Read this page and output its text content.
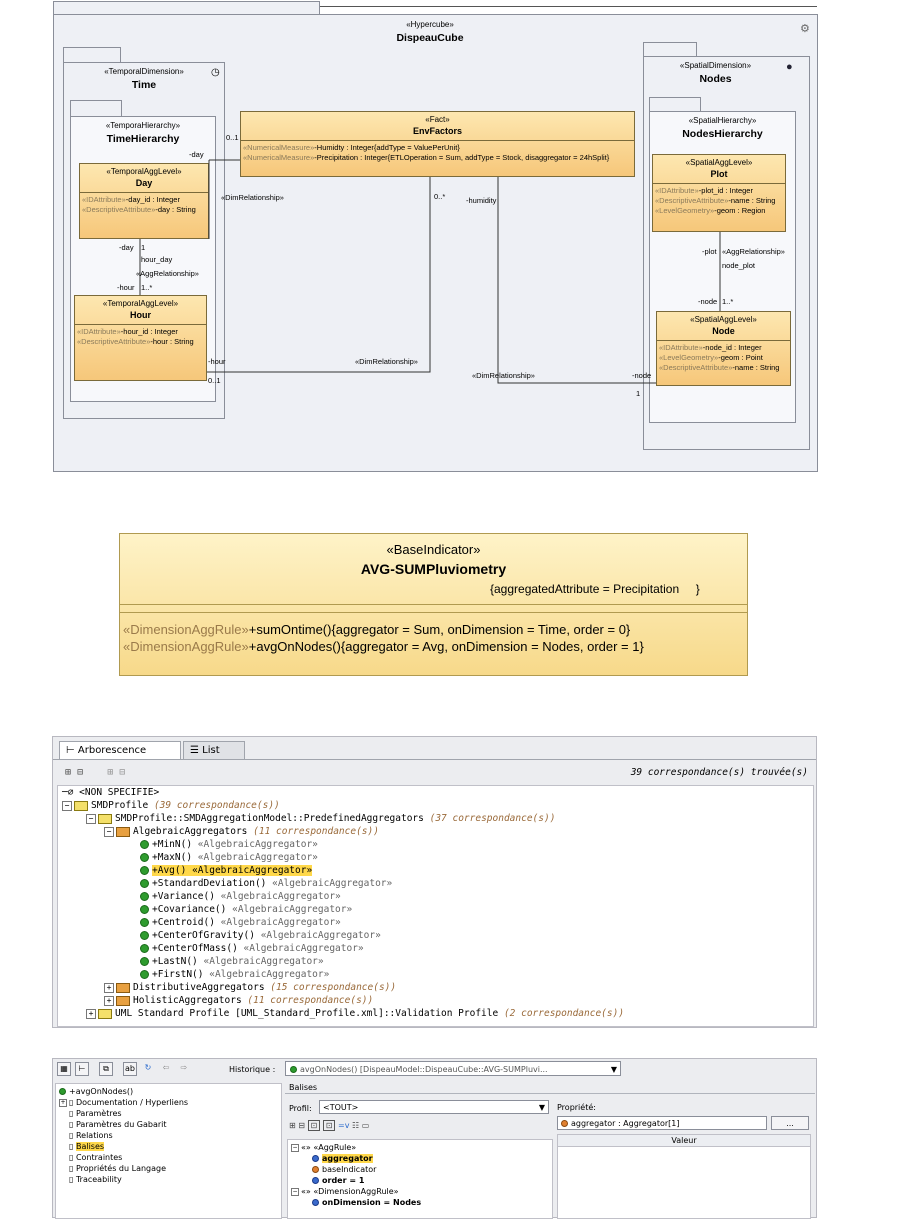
«Hypercube»
DispeauCube
⚙
«TemporalDimension»
Time
◷
«TemporaHierarchy»
TimeHierarchy
«TemporalAggLevel»
Day
«IDAttribute»-day_id : Integer
«DescriptiveAttribute»-day : String
«TemporalAggLevel»
Hour
«IDAttribute»-hour_id : Integer
«DescriptiveAttribute»-hour : String
«Fact»
EnvFactors
«NumericalMeasure»-Humidty : Integer{addType = ValuePerUnit}
«NumericalMeasure»-Precipitation : Integer{ETLOperation = Sum, addType = Stock, disaggregator = 24hSplit}
«SpatialDimension»
Nodes
●
«SpatialHierarchy»
NodesHierarchy
«SpatialAggLevel»
Plot
«IDAttribute»-plot_id : Integer
«DescriptiveAttribute»-name : String
«LevelGeometry»-geom : Region
«SpatialAggLevel»
Node
«IDAttribute»-node_id : Integer
«LevelGeometry»-geom : Point
«DescriptiveAttribute»-name : String
0..1
-day
«DimRelationship»	0..*	-humidity
-day 1
hour_day
«AggRelationship»
-hour 1..*
-hour	«DimRelationship»
0..1
«DimRelationship»	-node
1
-plot «AggRelationship»
node_plot
-node 1..*
«BaseIndicator»
AVG-SUMPluviometry
{aggregatedAttribute = Precipitation     }
«DimensionAggRule»+sumOntime(){aggregator = Sum, onDimension = Time, order = 0}
«DimensionAggRule»+avgOnNodes(){aggregator = Avg, onDimension = Nodes, order = 1}
⊢ Arborescence	☰ List
⊞ ⊟ ⊞ ⊟	39 correspondance(s) trouvée(s)
─⌀ <NON SPECIFIE>
− SMDProfile (39 correspondance(s))
− SMDProfile::SMDAggregationModel::PredefinedAggregators (37 correspondance(s))
− AlgebraicAggregators (11 correspondance(s))
+MinN() «AlgebraicAggregator»
+MaxN() «AlgebraicAggregator»
+Avg() «AlgebraicAggregator»
+StandardDeviation() «AlgebraicAggregator»
+Variance() «AlgebraicAggregator»
+Covariance() «AlgebraicAggregator»
+Centroid() «AlgebraicAggregator»
+CenterOfGravity() «AlgebraicAggregator»
+CenterOfMass() «AlgebraicAggregator»
+LastN() «AlgebraicAggregator»
+FirstN() «AlgebraicAggregator»
+ DistributiveAggregators (15 correspondance(s))
+ HolisticAggregators (11 correspondance(s))
+ UML Standard Profile [UML_Standard_Profile.xml]::Validation Profile (2 correspondance(s))
▦	⊢	⧉	ab	↻	⇦	⇨	Historique :	avgOnNodes() [DispeauModel::DispeauCube::AVG-SUMPluvi...	▼
+avgOnNodes()
+ ▯ Documentation / Hyperliens
▯ Paramètres
▯ Paramètres du Gabarit
▯ Relations
▯ Balises
▯ Contraintes
▯ Propriétés du Langage
▯ Traceability
Balises
Profil:	<TOUT>	▼
⊞ ⊟ ⊡ ⊡ =v ☷ ▭
− «» «AggRule»
aggregator
baseIndicator
order = 1
− «» «DimensionAggRule»
onDimension = Nodes
Propriété:
aggregator : Aggregator[1]	...
Valeur
